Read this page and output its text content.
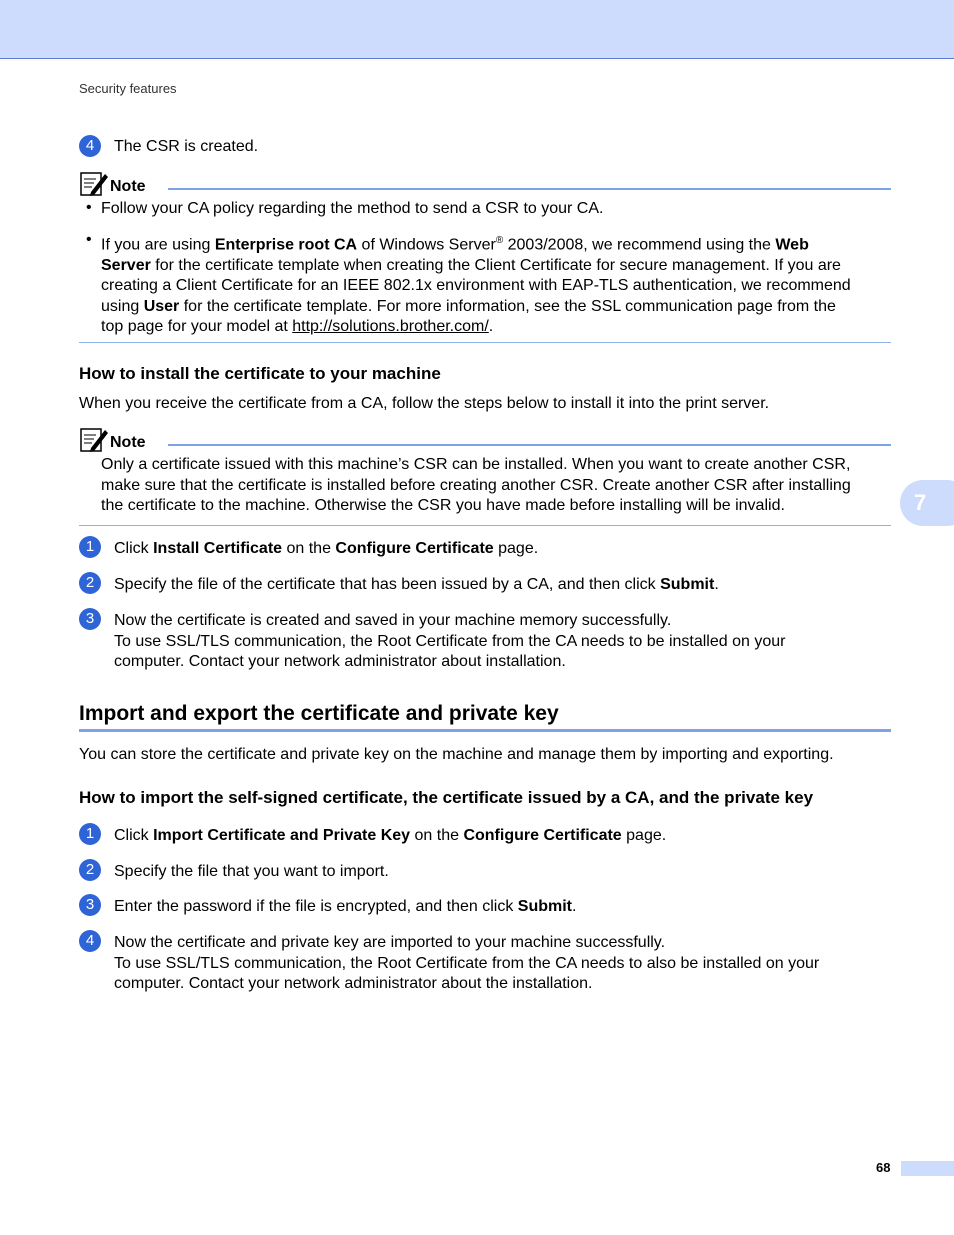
Security features
4	The CSR is created.
Note
• Follow your CA policy regarding the method to send a CSR to your CA.
• If you are using Enterprise root CA of Windows Server® 2003/2008, we recommend using the Web
Server for the certificate template when creating the Client Certificate for secure management. If you are
creating a Client Certificate for an IEEE 802.1x environment with EAP-TLS authentication, we recommend
using User for the certificate template. For more information, see the SSL communication page from the
top page for your model at http://solutions.brother.com/.
How to install the certificate to your machine
When you receive the certificate from a CA, follow the steps below to install it into the print server.
Note
Only a certificate issued with this machine’s CSR can be installed. When you want to create another CSR,
make sure that the certificate is installed before creating another CSR. Create another CSR after installing
the certificate to the machine. Otherwise the CSR you have made before installing will be invalid.
1	Click Install Certificate on the Configure Certificate page.
2	Specify the file of the certificate that has been issued by a CA, and then click Submit.
3	Now the certificate is created and saved in your machine memory successfully.
To use SSL/TLS communication, the Root Certificate from the CA needs to be installed on your
computer. Contact your network administrator about installation.
Import and export the certificate and private key
You can store the certificate and private key on the machine and manage them by importing and exporting.
How to import the self-signed certificate, the certificate issued by a CA, and the private key
1	Click Import Certificate and Private Key on the Configure Certificate page.
2	Specify the file that you want to import.
3	Enter the password if the file is encrypted, and then click Submit.
4	Now the certificate and private key are imported to your machine successfully.
To use SSL/TLS communication, the Root Certificate from the CA needs to also be installed on your
computer. Contact your network administrator about the installation.
7
68
